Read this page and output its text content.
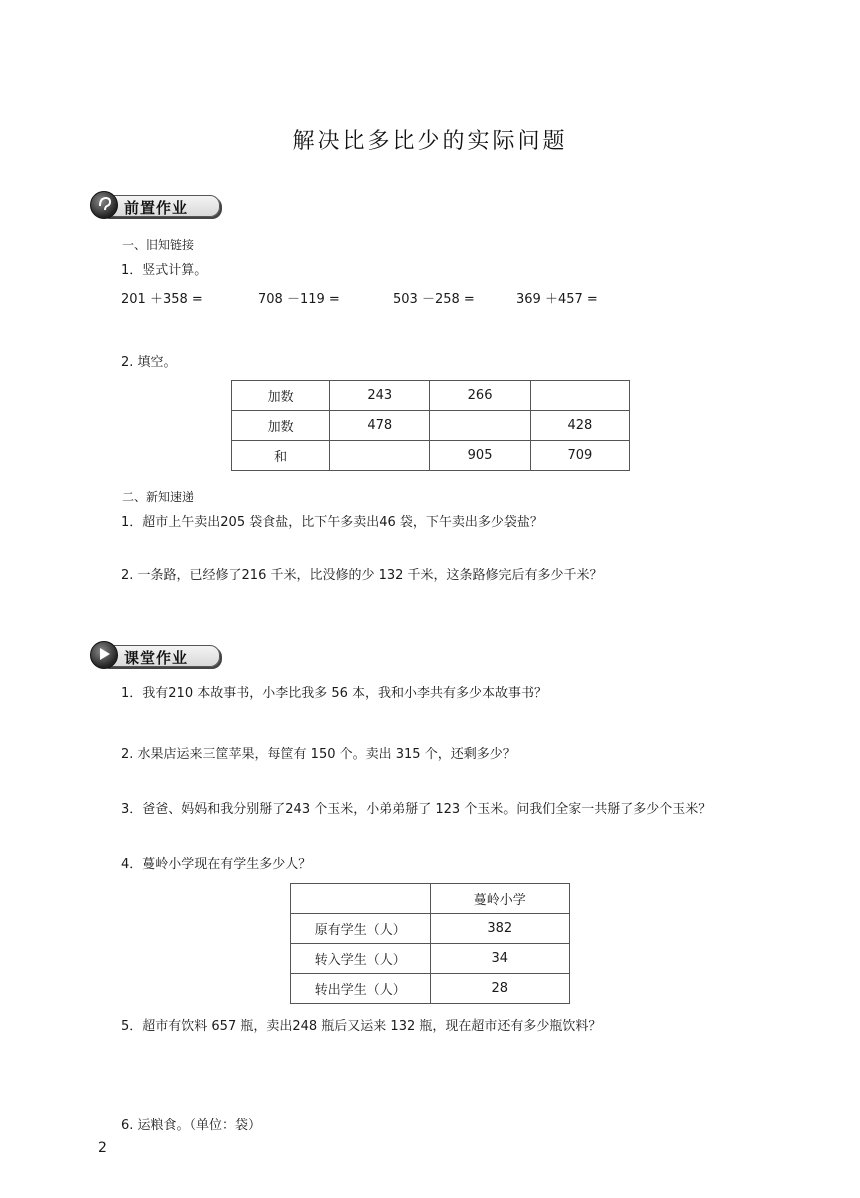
解决比多比少的实际问题
前置作业
一、旧知链接
1．竖式计算。
201 ＋358 =	708 －119 =	503 －258 =	369 ＋457 =
2. 填空。
加数	243	266	
加数	478		428
和		905	709
二、新知速递
1．超市上午卖出205 袋食盐，比下午多卖出46 袋，下午卖出多少袋盐？
2. 一条路，已经修了216 千米，比没修的少 132 千米，这条路修完后有多少千米？
课堂作业
1．我有210 本故事书，小李比我多 56 本，我和小李共有多少本故事书？
2. 水果店运来三筐苹果，每筐有 150 个。卖出 315 个，还剩多少？
3．爸爸、妈妈和我分别掰了243 个玉米，小弟弟掰了 123 个玉米。问我们全家一共掰了多少个玉米？
4．蔓岭小学现在有学生多少人？
	蔓岭小学
原有学生（人）	382
转入学生（人）	34
转出学生（人）	28
5．超市有饮料 657 瓶，卖出248 瓶后又运来 132 瓶，现在超市还有多少瓶饮料？
6. 运粮食。（单位：袋）
2
